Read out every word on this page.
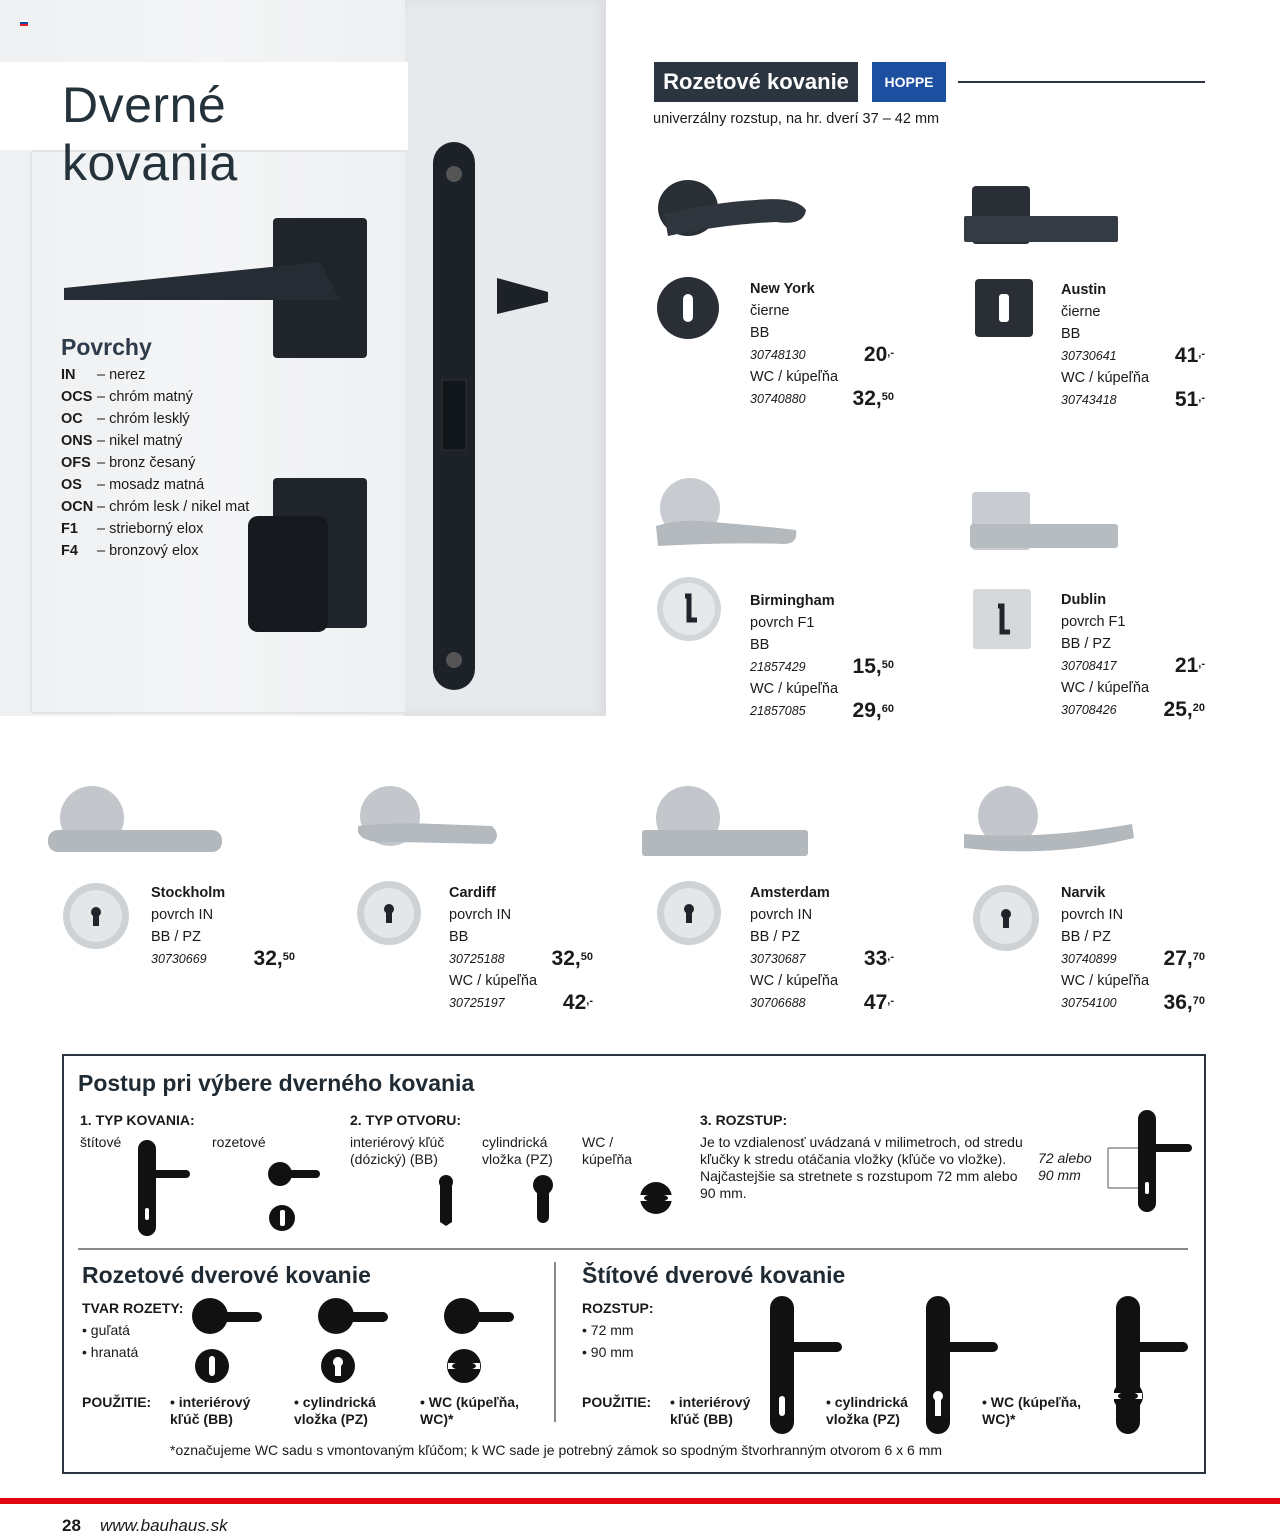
Dverné kovania
Povrchy
IN	– nerez
OCS – chróm matný
OC – chróm lesklý
ONS – nikel matný
OFS – bronz česaný
OS	– mosadz matná
OCN – chróm lesk / nikel mat
F1	– strieborný elox
F4	– bronzový elox
Rozetové kovanie	HOPPE
univerzálny rozstup, na hr. dverí 37 – 42 mm
New York
čierne
BB
30748130	20,-
WC / kúpeľňa
30740880 32,50
Austin
čierne
BB
30730641	41,-
WC / kúpeľňa
30743418	51,-
Birmingham
povrch F1
BB
21857429 15,50
WC / kúpeľňa
21857085 29,60
Dublin
povrch F1
BB / PZ
30708417	21,-
WC / kúpeľňa
30708426 25,20
Stockholm
povrch IN
BB / PZ
30730669 32,50
Cardiff
povrch IN
BB
30725188 32,50
WC / kúpeľňa
30725197	42,-
Amsterdam
povrch IN
BB / PZ
30730687	33,-
WC / kúpeľňa
30706688	47,-
Narvik
povrch IN
BB / PZ
30740899 27,70
WC / kúpeľňa
30754100 36,70
Postup pri výbere dverného kovania
1. TYP KOVANIA:
štítové	rozetové
2. TYP OTVORU:
interiérový kľúč (dózický) (BB)
cylindrická vložka (PZ)
WC / kúpeľňa
3. ROZSTUP:
Je to vzdialenosť uvádzaná v milimetroch, od stredu kľučky k stredu otáčania vložky (kľúče vo vložke). Najčastejšie sa stretnete s rozstupom 72 mm alebo 90 mm.
72 alebo 90 mm
Rozetové dverové kovanie
TVAR ROZETY:
• guľatá
• hranatá
POUŽITIE: • interiérový kľúč (BB)
• cylindrická vložka (PZ)
• WC (kúpeľňa, WC)*
Štítové dverové kovanie
ROZSTUP:
• 72 mm
• 90 mm
POUŽITIE: • interiérový kľúč (BB)
• cylindrická vložka (PZ)
• WC (kúpeľňa, WC)*
*označujeme WC sadu s vmontovaným kľúčom; k WC sade je potrebný zámok so spodným štvorhranným otvorom 6 x 6 mm
28 www.bauhaus.sk
